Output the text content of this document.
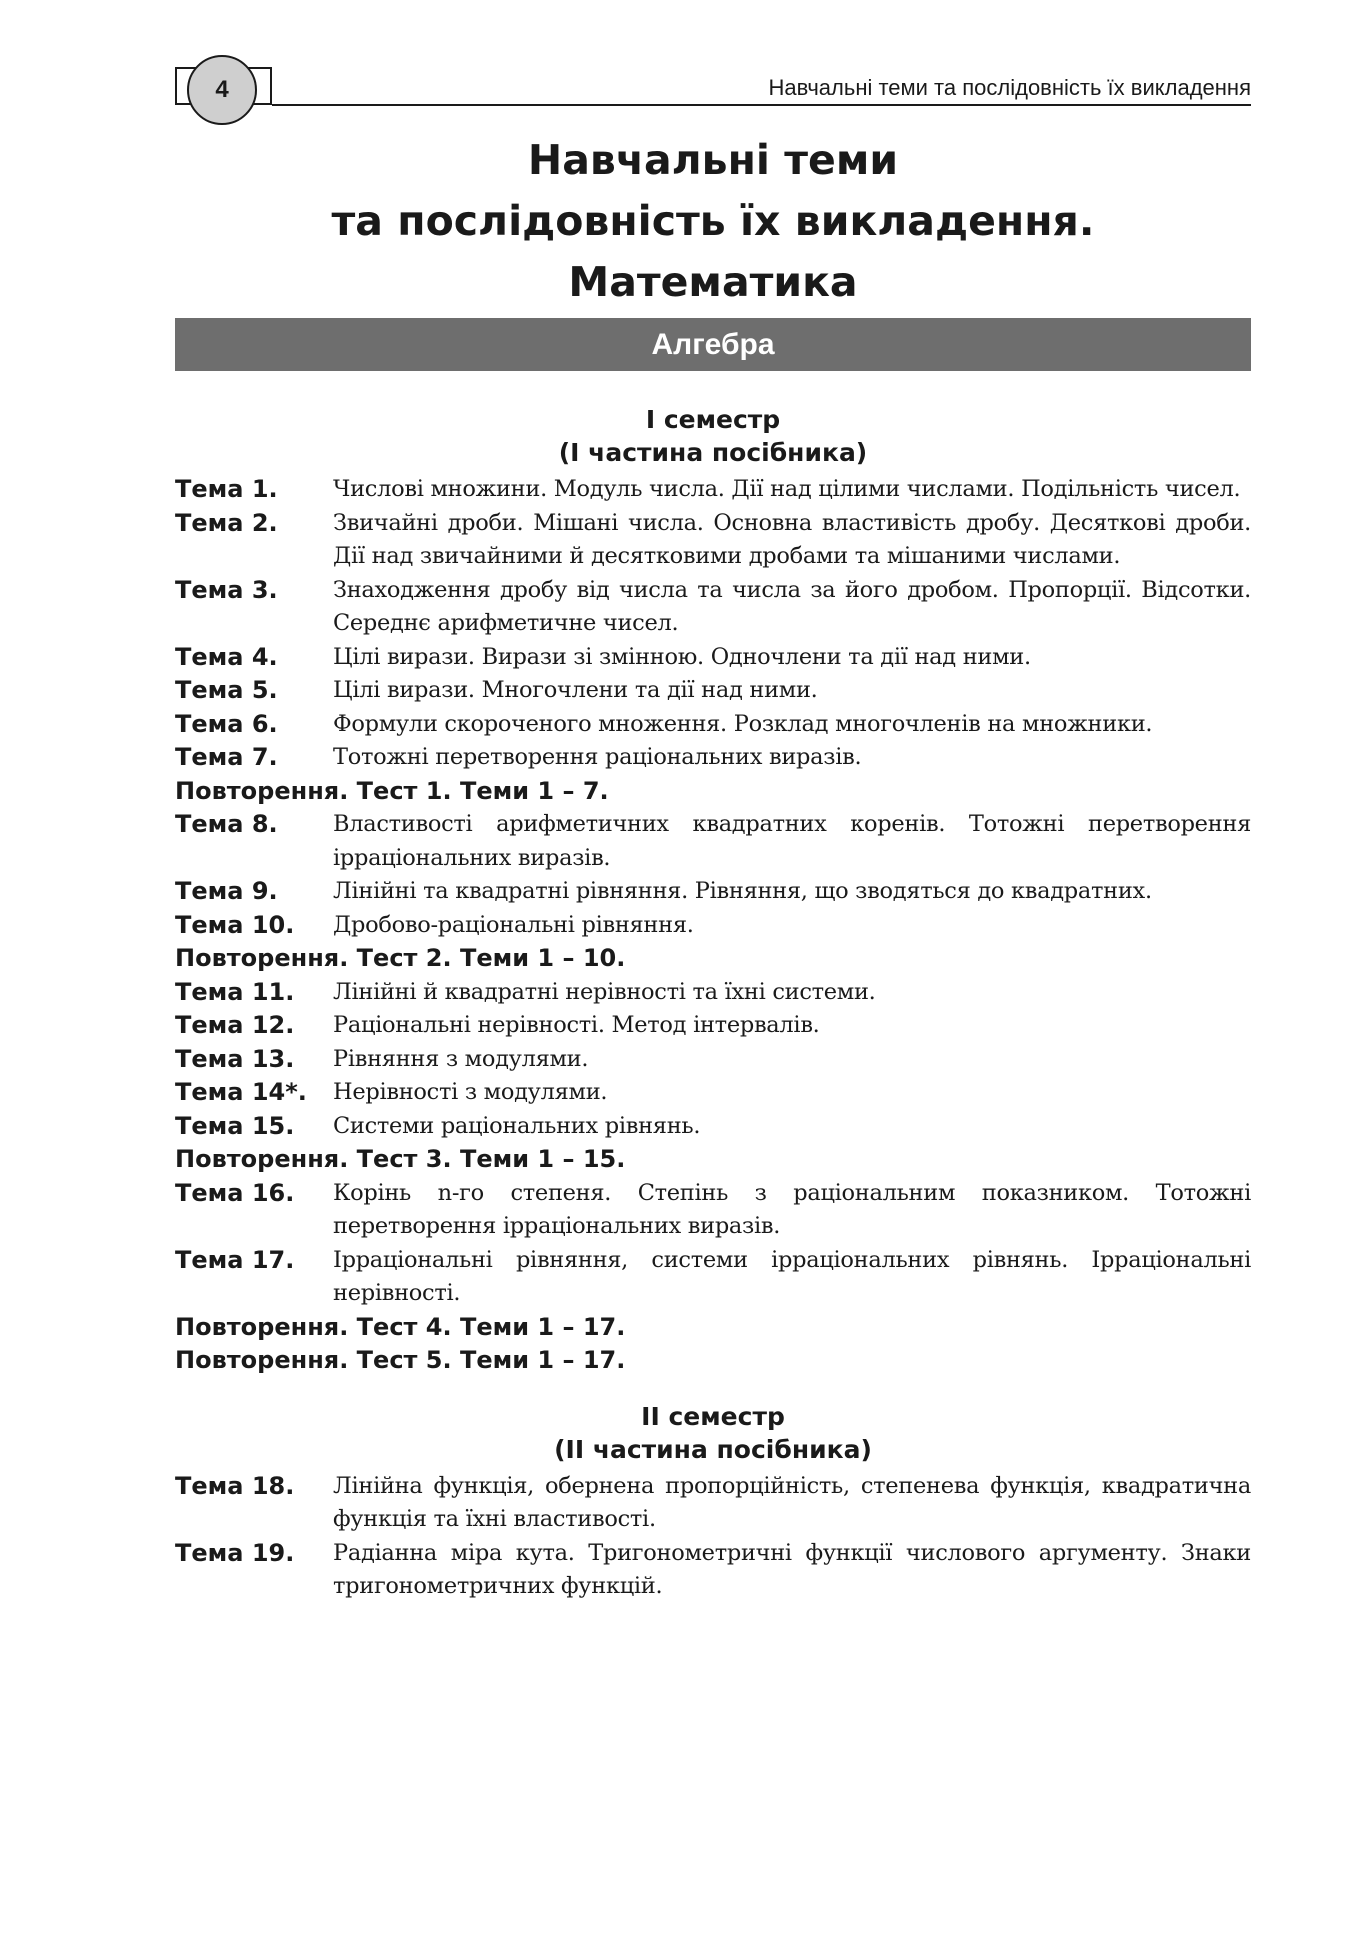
4	Навчальні теми та послідовність їх викладення
Навчальні теми
та послідовність їх викладення.
Математика
Алгебра
I семестр
(I частина посібника)
Тема 1.	Числові множини. Модуль числа. Дії над цілими числами. Подільність чисел.
Тема 2.	Звичайні дроби. Мішані числа. Основна властивість дробу. Десяткові дроби. Дії над звичайними й десятковими дробами та мішаними числами.
Тема 3.	Знаходження дробу від числа та числа за його дробом. Пропорції. Відсотки. Середнє арифметичне чисел.
Тема 4.	Цілі вирази. Вирази зі змінною. Одночлени та дії над ними.
Тема 5.	Цілі вирази. Многочлени та дії над ними.
Тема 6.	Формули скороченого множення. Розклад многочленів на множники.
Тема 7.	Тотожні перетворення раціональних виразів.
Повторення. Тест 1. Теми 1 – 7.
Тема 8.	Властивості арифметичних квадратних коренів. Тотожні перетворення ірраціональних виразів.
Тема 9.	Лінійні та квадратні рівняння. Рівняння, що зводяться до квадратних.
Тема 10.	Дробово-раціональні рівняння.
Повторення. Тест 2. Теми 1 – 10.
Тема 11.	Лінійні й квадратні нерівності та їхні системи.
Тема 12.	Раціональні нерівності. Метод інтервалів.
Тема 13.	Рівняння з модулями.
Тема 14*.	Нерівності з модулями.
Тема 15.	Системи раціональних рівнянь.
Повторення. Тест 3. Теми 1 – 15.
Тема 16.	Корінь n-го степеня. Степінь з раціональним показником. Тотожні перетворення ірраціональних виразів.
Тема 17.	Ірраціональні рівняння, системи ірраціональних рівнянь. Ірраціональні нерівності.
Повторення. Тест 4. Теми 1 – 17.
Повторення. Тест 5. Теми 1 – 17.
II семестр
(II частина посібника)
Тема 18.	Лінійна функція, обернена пропорційність, степенева функція, квадратична функція та їхні властивості.
Тема 19.	Радіанна міра кута. Тригонометричні функції числового аргументу. Знаки тригонометричних функцій.
